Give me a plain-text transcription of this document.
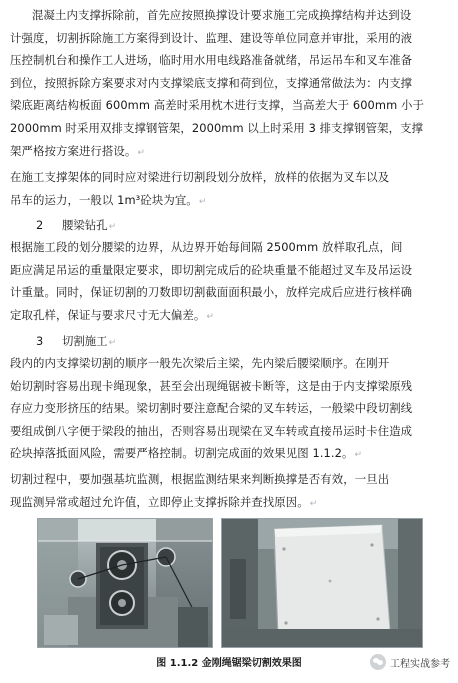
混凝土内支撑拆除前，首先应按照换撑设计要求施工完成换撑结构并达到设
计强度，切割拆除施工方案得到设计、监理、建设等单位同意并审批，采用的液
压控制机台和操作工人进场，临时用水用电线路准备就绪，吊运吊车和叉车准备
到位，按照拆除方案要求对内支撑梁底支撑和荷到位，支撑通常做法为：内支撑
梁底距离结构板面 600mm 高差时采用枕木进行支撑，当高差大于 600mm 小于
2000mm 时采用双排支撑钢管架，2000mm 以上时采用 3 排支撑钢管架，支撑
架严格按方案进行搭设。↵

在施工支撑架体的同时应对梁进行切割段划分放样，放样的依据为叉车以及
吊车的运力，一般以 1m³砼块为宜。↵

2 腰梁钻孔↵

根据施工段的划分腰梁的边界，从边界开始每间隔 2500mm 放样取孔点，间
距应满足吊运的重量限定要求，即切割完成后的砼块重量不能超过叉车及吊运设
计重量。同时，保证切割的刀数即切割截面面积最小，放样完成后应进行核样确
定取孔样，保证与要求尺寸无大偏差。↵

3 切割施工↵

段内的内支撑梁切割的顺序一般先次梁后主梁，先内梁后腰梁顺序。在刚开
始切割时容易出现卡绳现象，甚至会出现绳锯被卡断等，这是由于内支撑梁原残
存应力变形挤压的结果。梁切割时要注意配合梁的叉车转运，一般梁中段切割线
要组成倒八字便于梁段的抽出，否则容易出现梁在叉车转或直接吊运时卡住造成
砼块掉落抵面风险，需要严格控制。切割完成面的效果见图 1.1.2。↵

切割过程中，要加强基坑监测，根据监测结果来判断换撑是否有效，一旦出
现监测异常或超过允许值，立即停止支撑拆除并查找原因。↵

图 1.1.2 金刚绳锯梁切割效果图	工程实战参考
